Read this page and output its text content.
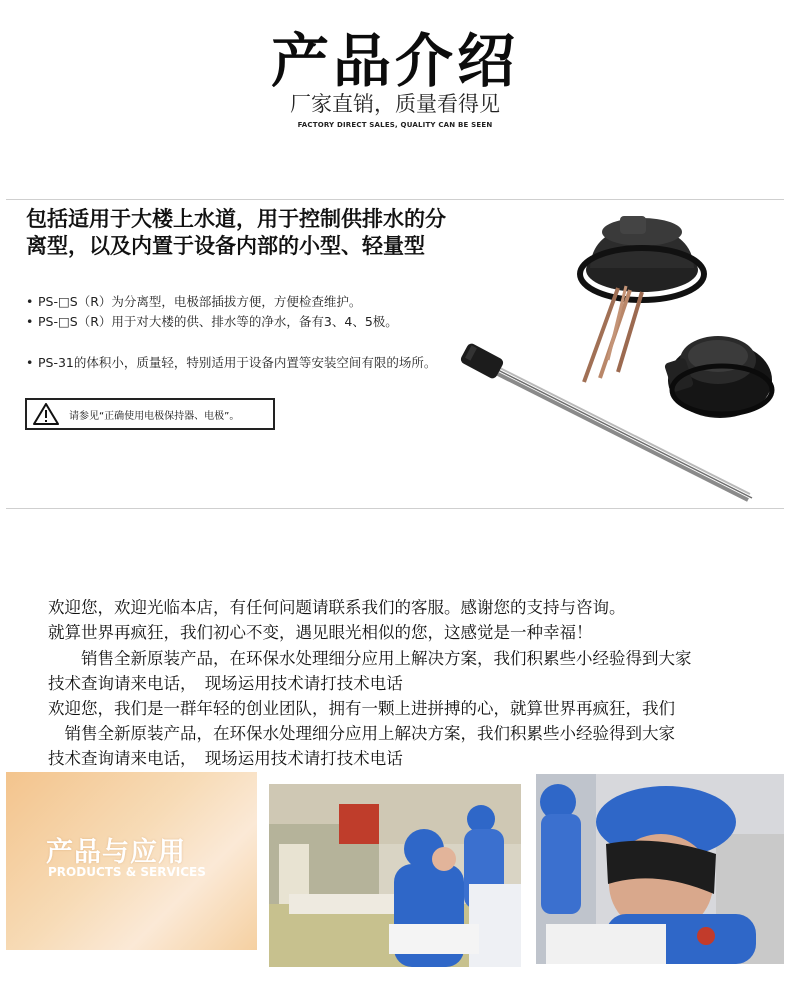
产品介绍
厂家直销，质量看得见
FACTORY DIRECT SALES, QUALITY CAN BE SEEN
包括适用于大楼上水道，用于控制供排水的分离型，以及内置于设备内部的小型、轻量型
• PS-□S（R）为分离型，电极部插拔方便，方便检查维护。
• PS-□S（R）用于对大楼的供、排水等的净水，备有3、4、5极。
• PS-31的体积小，质量轻，特别适用于设备内置等安装空间有限的场所。
请参见“正确使用电极保持器、电极”。
欢迎您，欢迎光临本店，有任何问题请联系我们的客服。感谢您的支持与咨询。
就算世界再疯狂，我们初心不变，遇见眼光相似的您，这感觉是一种幸福！
　　销售全新原装产品，在环保水处理细分应用上解决方案，我们积累些小经验得到大家
技术查询请来电话，　现场运用技术请打技术电话
欢迎您，我们是一群年轻的创业团队，拥有一颗上进拼搏的心，就算世界再疯狂，我们
　销售全新原装产品，在环保水处理细分应用上解决方案，我们积累些小经验得到大家
技术查询请来电话，　现场运用技术请打技术电话
产品与应用
PRODUCTS & SERVICES
